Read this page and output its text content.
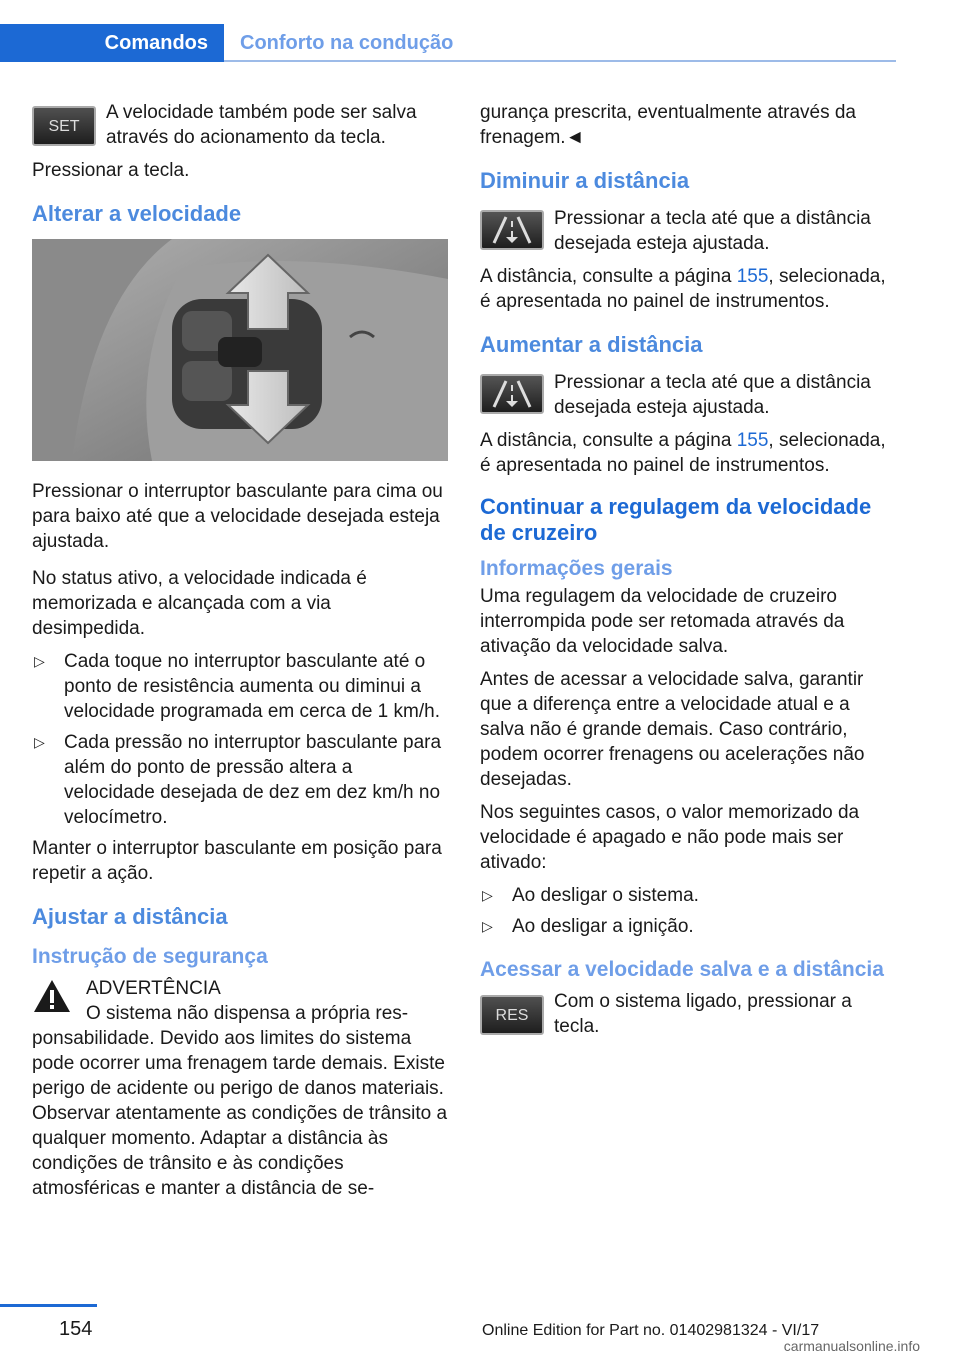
Comandos	Conforto na condução
SET
A velocidade também pode ser salva através do acionamento da tecla.

Pressionar a tecla.

Alterar a velocidade

Pressionar o interruptor basculante para cima ou para baixo até que a velocidade desejada esteja ajustada.

No status ativo, a velocidade indicada é memorizada e alcançada com a via desimpedida.

▷	Cada toque no interruptor basculante até o ponto de resistência aumenta ou diminui a velocidade programada em cerca de 1 km/h.
▷	Cada pressão no interruptor basculante para além do ponto de pressão altera a velocidade desejada de dez em dez km/h no velocímetro.

Manter o interruptor basculante em posição para repetir a ação.

Ajustar a distância
Instrução de segurança
ADVERTÊNCIA
O sistema não dispensa a própria res-
ponsabilidade. Devido aos limites do sistema pode ocorrer uma frenagem tarde demais. Existe perigo de acidente ou perigo de danos materiais. Observar atentamente as condições de trânsito a qualquer momento. Adaptar a distância às condições de trânsito e às condições atmosféricas e manter a distância de se-

gurança prescrita, eventualmente através da frenagem.◄

Diminuir a distância
Pressionar a tecla até que a distância desejada esteja ajustada.

A distância, consulte a página 155, selecionada, é apresentada no painel de instrumentos.

Aumentar a distância
Pressionar a tecla até que a distância desejada esteja ajustada.

A distância, consulte a página 155, selecionada, é apresentada no painel de instrumentos.

Continuar a regulagem da velocidade de cruzeiro
Informações gerais

Uma regulagem da velocidade de cruzeiro interrompida pode ser retomada através da ativação da velocidade salva.

Antes de acessar a velocidade salva, garantir que a diferença entre a velocidade atual e a salva não é grande demais. Caso contrário, podem ocorrer frenagens ou acelerações não desejadas.

Nos seguintes casos, o valor memorizado da velocidade é apagado e não pode mais ser ativado:

▷	Ao desligar o sistema.
▷	Ao desligar a ignição.
Acessar a velocidade salva e a distância
RES
Com o sistema ligado, pressionar a tecla.
154	Online Edition for Part no. 01402981324 - VI/17
carmanualsonline.info
